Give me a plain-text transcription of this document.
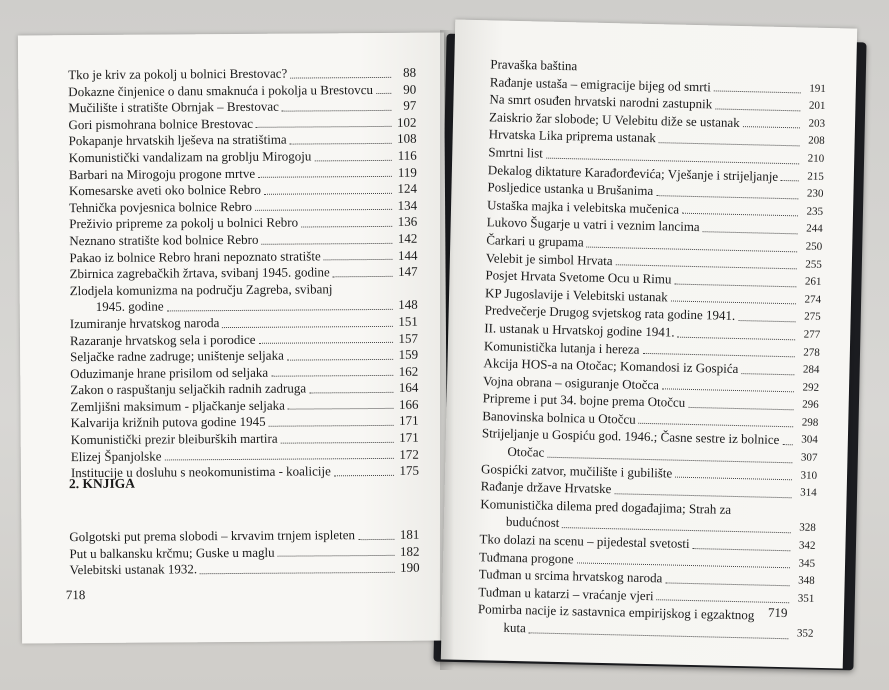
Tko je kriv za pokolj u bolnici Brestovac?	88
Dokazne činjenice o danu smaknuća i pokolja u Brestovcu	90
Mučilište i stratište Obrnjak – Brestovac	97
Gori pismohrana bolnice Brestovac	102
Pokapanje hrvatskih lješeva na stratištima	108
Komunistički vandalizam na groblju Mirogoju	116
Barbari na Mirogoju progone mrtve	119
Komesarske aveti oko bolnice Rebro	124
Tehnička povjesnica bolnice Rebro	134
Preživio pripreme za pokolj u bolnici Rebro	136
Neznano stratište kod bolnice Rebro	142
Pakao iz bolnice Rebro hrani nepoznato stratište	144
Zbirnica zagrebačkih žrtava, svibanj 1945. godine	147
Zlodjela komunizma na području Zagreba, svibanj
1945. godine	148
Izumiranje hrvatskog naroda	151
Razaranje hrvatskog sela i porodice	157
Seljačke radne zadruge; uništenje seljaka	159
Oduzimanje hrane prisilom od seljaka	162
Zakon o raspuštanju seljačkih radnih zadruga	164
Zemljišni maksimum - pljačkanje seljaka	166
Kalvarija križnih putova godine 1945	171
Komunistički prezir bleiburških martira	171
Elizej Španjolske	172
Institucije u dosluhu s neokomunistima - koalicije	175
2. KNJIGA
Golgotski put prema slobodi – krvavim trnjem ispleten	181
Put u balkansku krčmu; Guske u maglu	182
Velebitski ustanak 1932.	190

718

Pravaška baština
Rađanje ustaša – emigracije bijeg od smrti	191
Na smrt osuđen hrvatski narodni zastupnik	201
Zaiskrio žar slobode; U Velebitu diže se ustanak	203
Hrvatska Lika priprema ustanak	208
Smrtni list	210
Dekalog diktature Karađorđevića; Vješanje i strijeljanje	215
Posljedice ustanka u Brušanima	230
Ustaška majka i velebitska mučenica	235
Lukovo Šugarje u vatri i veznim lancima	244
Čarkari u grupama	250
Velebit je simbol Hrvata	255
Posjet Hrvata Svetome Ocu u Rimu	261
KP Jugoslavije i Velebitski ustanak	274
Predvečerje Drugog svjetskog rata godine 1941.	275
II. ustanak u Hrvatskoj godine 1941.	277
Komunistička lutanja i hereza	278
Akcija HOS-a na Otočac; Komandosi iz Gospića	284
Vojna obrana – osiguranje Otočca	292
Pripreme i put 34. bojne prema Otočcu	296
Banovinska bolnica u Otočcu	298
Strijeljanje u Gospiću god. 1946.; Časne sestre iz bolnice	304
Otočac	307
Gospićki zatvor, mučilište i gubilište	310
Rađanje države Hrvatske	314
Komunistička dilema pred događajima; Strah za
budućnost	328
Tko dolazi na scenu – pijedestal svetosti	342
Tuđmana progone	345
Tuđman u srcima hrvatskog naroda	348
Tuđman u katarzi – vraćanje vjeri	351
Pomirba nacije iz sastavnica empirijskog i egzaktnog
kuta	352

719
